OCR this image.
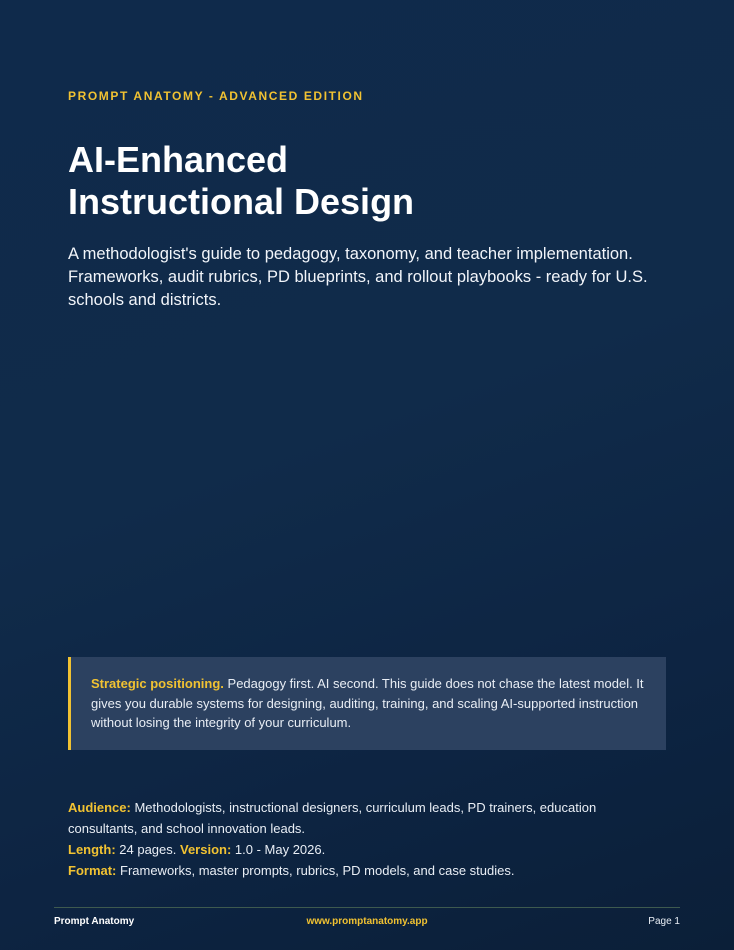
PROMPT ANATOMY - ADVANCED EDITION
AI-Enhanced
Instructional Design

A methodologist's guide to pedagogy, taxonomy, and teacher implementation. Frameworks, audit rubrics, PD blueprints, and rollout playbooks - ready for U.S. schools and districts.

Strategic positioning. Pedagogy first. AI second. This guide does not chase the latest model. It gives you durable systems for designing, auditing, training, and scaling AI-supported instruction without losing the integrity of your curriculum.

Audience: Methodologists, instructional designers, curriculum leads, PD trainers, education consultants, and school innovation leads.

Length: 24 pages. Version: 1.0 - May 2026.

Format: Frameworks, master prompts, rubrics, PD models, and case studies.

Prompt Anatomy	www.promptanatomy.app	Page 1
